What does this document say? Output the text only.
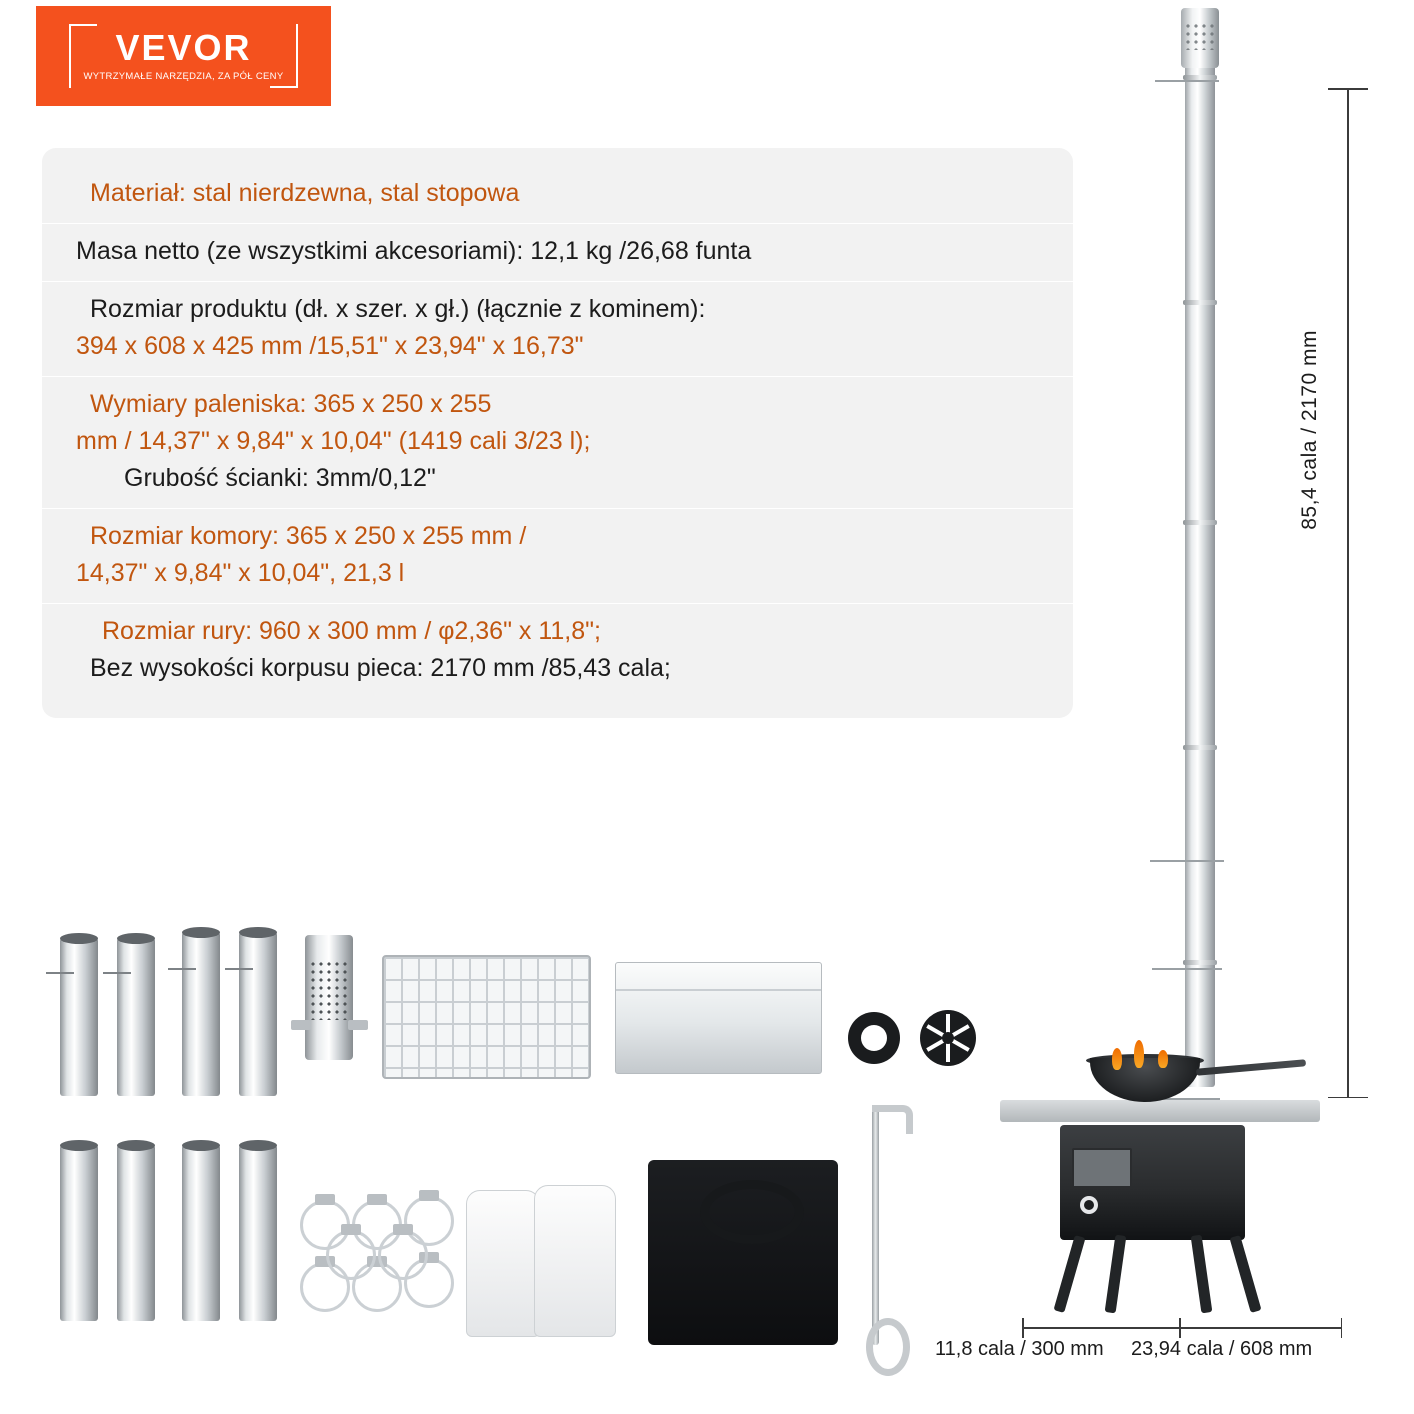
VEVOR
WYTRZYMAŁE NARZĘDZIA, ZA PÓŁ CENY
Materiał: stal nierdzewna, stal stopowa
Masa netto (ze wszystkimi akcesoriami): 12,1 kg /26,68 funta
Rozmiar produktu (dł. x szer. x gł.) (łącznie z kominem):
394 x 608 x 425 mm /15,51" x 23,94" x 16,73"
Wymiary paleniska: 365 x 250 x 255
mm / 14,37" x 9,84" x 10,04" (1419 cali 3/23 l);
Grubość ścianki: 3mm/0,12"
Rozmiar komory: 365 x 250 x 255 mm /
14,37" x 9,84" x 10,04", 21,3 l
Rozmiar rury: 960 x 300 mm / φ2,36" x 11,8";
Bez wysokości korpusu pieca: 2170 mm /85,43 cala;
85,4 cala / 2170 mm
11,8 cala / 300 mm 23,94 cala / 608 mm
